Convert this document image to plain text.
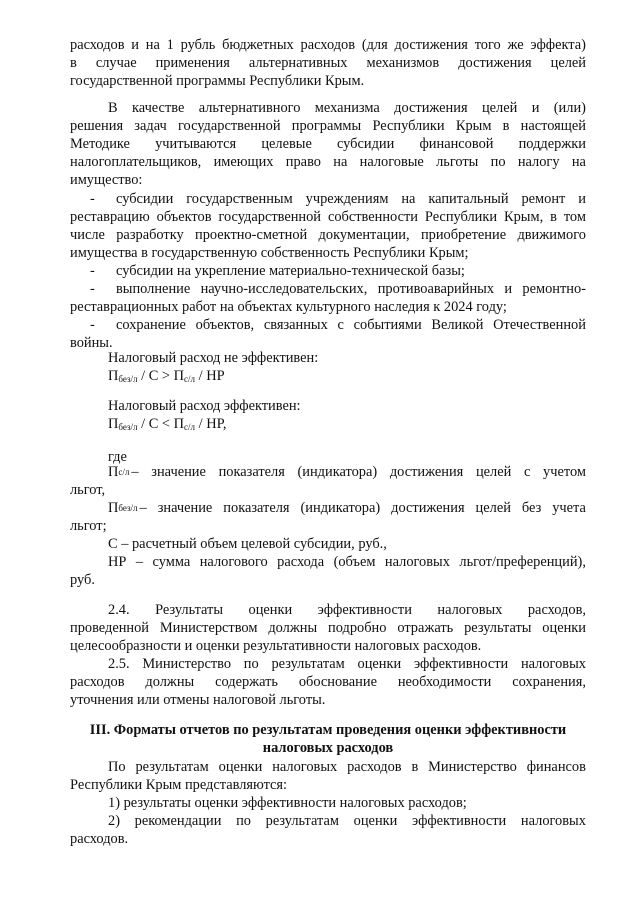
расходов и на 1 рубль бюджетных расходов (для достижения того же эффекта)
в случае применения альтернативных механизмов достижения целей
государственной программы Республики Крым.
В качестве альтернативного механизма достижения целей и (или)
решения задач государственной программы Республики Крым в настоящей
Методике учитываются целевые субсидии финансовой поддержки
налогоплательщиков, имеющих право на налоговые льготы по налогу на
имущество:
- субсидии государственным учреждениям на капитальный ремонт и
реставрацию объектов государственной собственности Республики Крым, в том
числе разработку проектно-сметной документации, приобретение движимого
имущества в государственную собственность Республики Крым;
- субсидии на укрепление материально-технической базы;
- выполнение научно-исследовательских, противоаварийных и ремонтно-
реставрационных работ на объектах культурного наследия к 2024 году;
- сохранение объектов, связанных с событиями Великой Отечественной
войны.
Налоговый расход не эффективен:
$П_{без/л} / С > П_{с/л}$ / НР
Налоговый расход эффективен:
$П_{без/л} / С < П_{с/л}$ / НР,
где
П с/л – значение показателя (индикатора) достижения целей с учетом
льгот,
П без/л – значение показателя (индикатора) достижения целей без учета
льгот;
С – расчетный объем целевой субсидии, руб.,
НР – сумма налогового расхода (объем налоговых льгот/преференций),
руб.
2.4. Результаты оценки эффективности налоговых расходов,
проведенной Министерством должны подробно отражать результаты оценки
целесообразности и оценки результативности налоговых расходов.
2.5. Министерство по результатам оценки эффективности налоговых
расходов должны содержать обоснование необходимости сохранения,
уточнения или отмены налоговой льготы.
III. Форматы отчетов по результатам проведения оценки эффективности
налоговых расходов
По результатам оценки налоговых расходов в Министерство финансов
Республики Крым представляются:
1) результаты оценки эффективности налоговых расходов;
2) рекомендации по результатам оценки эффективности налоговых
расходов.
